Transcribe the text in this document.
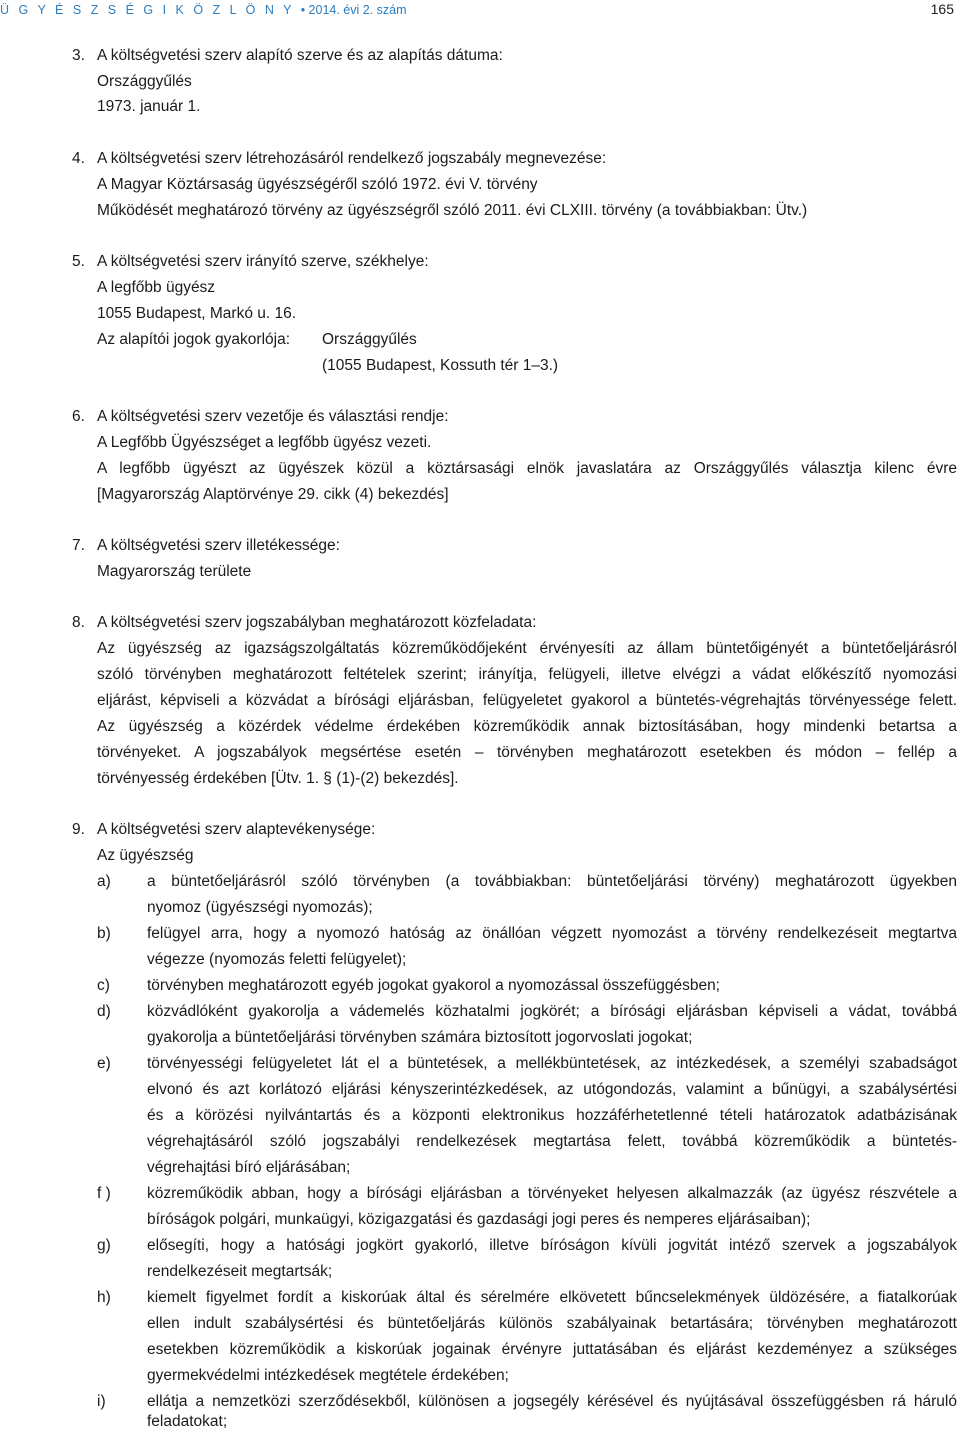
Ü G Y É S Z S É G I K Ö Z L Ö N Y • 2014. évi 2. szám	165
3. A költségvetési szerv alapító szerve és az alapítás dátuma:
Országgyűlés
1973. január 1.
4. A költségvetési szerv létrehozásáról rendelkező jogszabály megnevezése:
A Magyar Köztársaság ügyészségéről szóló 1972. évi V. törvény
Működését meghatározó törvény az ügyészségről szóló 2011. évi CLXIII. törvény (a továbbiakban: Ütv.)
5. A költségvetési szerv irányító szerve, székhelye:
A legfőbb ügyész
1055 Budapest, Markó u. 16.
Az alapítói jogok gyakorlója:	Országgyűlés
(1055 Budapest, Kossuth tér 1‒3.)
6. A költségvetési szerv vezetője és választási rendje:
A Legfőbb Ügyészséget a legfőbb ügyész vezeti.
A legfőbb ügyészt az ügyészek közül a köztársasági elnök javaslatára az Országgyűlés választja kilenc évre
[Magyarország Alaptörvénye 29. cikk (4) bekezdés]
7. A költségvetési szerv illetékessége:
Magyarország területe
8. A költségvetési szerv jogszabályban meghatározott közfeladata:
Az ügyészség az igazságszolgáltatás közreműködőjeként érvényesíti az állam büntetőigényét a büntetőeljárásról
szóló törvényben meghatározott feltételek szerint; irányítja, felügyeli, illetve elvégzi a vádat előkészítő nyomozási
eljárást, képviseli a közvádat a bírósági eljárásban, felügyeletet gyakorol a büntetés-végrehajtás törvényessége felett.
Az ügyészség a közérdek védelme érdekében közreműködik annak biztosításában, hogy mindenki betartsa a
törvényeket. A jogszabályok megsértése esetén ‒ törvényben meghatározott esetekben és módon ‒ fellép a
törvényesség érdekében [Ütv. 1. § (1)-(2) bekezdés].
9. A költségvetési szerv alaptevékenysége:
Az ügyészség
a) a büntetőeljárásról szóló törvényben (a továbbiakban: büntetőeljárási törvény) meghatározott ügyekben
nyomoz (ügyészségi nyomozás);
b) felügyel arra, hogy a nyomozó hatóság az önállóan végzett nyomozást a törvény rendelkezéseit megtartva
végezze (nyomozás feletti felügyelet);
c) törvényben meghatározott egyéb jogokat gyakorol a nyomozással összefüggésben;
d) közvádlóként gyakorolja a vádemelés közhatalmi jogkörét; a bírósági eljárásban képviseli a vádat, továbbá
gyakorolja a büntetőeljárási törvényben számára biztosított jogorvoslati jogokat;
e) törvényességi felügyeletet lát el a büntetések, a mellékbüntetések, az intézkedések, a személyi szabadságot
elvonó és azt korlátozó eljárási kényszerintézkedések, az utógondozás, valamint a bűnügyi, a szabálysértési
és a körözési nyilvántartás és a központi elektronikus hozzáférhetetlenné tételi határozatok adatbázisának
végrehajtásáról szóló jogszabályi rendelkezések megtartása felett, továbbá közreműködik a büntetés-
végrehajtási bíró eljárásában;
f ) közreműködik abban, hogy a bírósági eljárásban a törvényeket helyesen alkalmazzák (az ügyész részvétele a
bíróságok polgári, munkaügyi, közigazgatási és gazdasági jogi peres és nemperes eljárásaiban);
g) elősegíti, hogy a hatósági jogkört gyakorló, illetve bíróságon kívüli jogvitát intéző szervek a jogszabályok
rendelkezéseit megtartsák;
h) kiemelt figyelmet fordít a kiskorúak által és sérelmére elkövetett bűncselekmények üldözésére, a fiatalkorúak
ellen indult szabálysértési és büntetőeljárás különös szabályainak betartására; törvényben meghatározott
esetekben közreműködik a kiskorúak jogainak érvényre juttatásában és eljárást kezdeményez a szükséges
gyermekvédelmi intézkedések megtétele érdekében;
i)	ellátja a nemzetközi szerződésekből, különösen a jogsegély kérésével és nyújtásával összefüggésben rá háruló
feladatokat;
